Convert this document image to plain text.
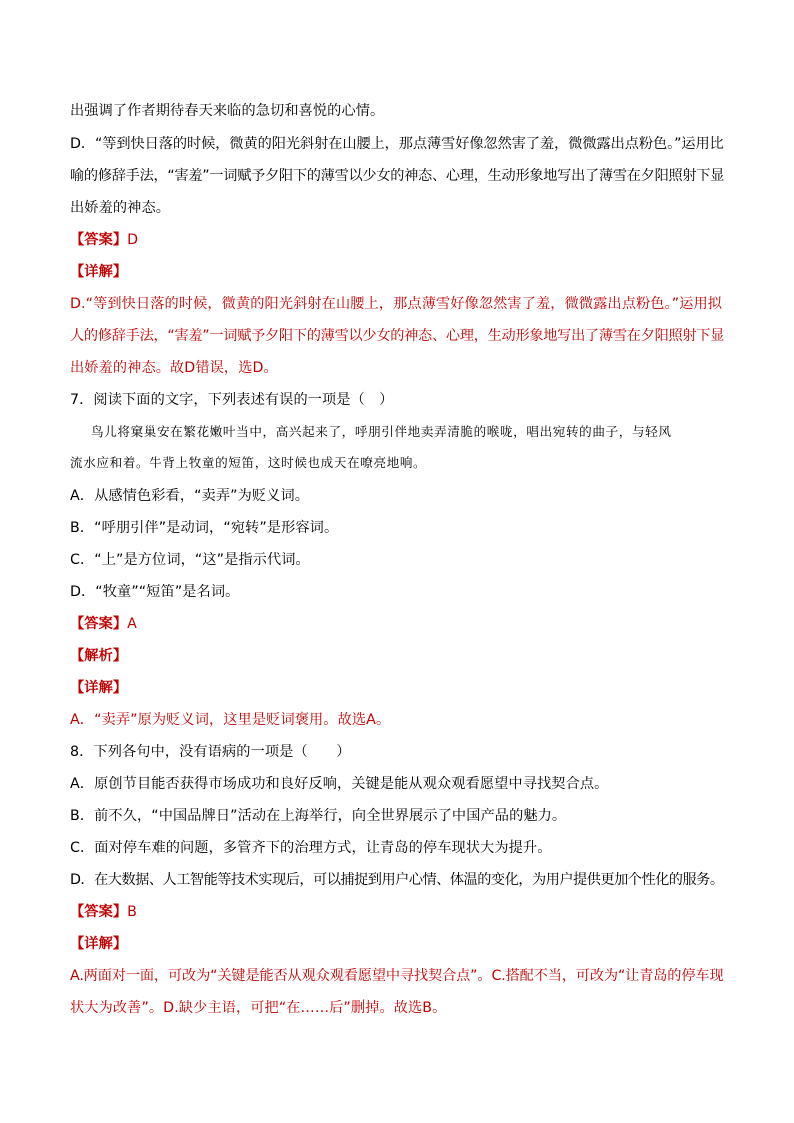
出强调了作者期待春天来临的急切和喜悦的心情。
D．“等到快日落的时候，微黄的阳光斜射在山腰上，那点薄雪好像忽然害了羞，微微露出点粉色。”运用比
喻的修辞手法，“害羞”一词赋予夕阳下的薄雪以少女的神态、心理，生动形象地写出了薄雪在夕阳照射下显
出娇羞的神态。
【答案】D
【详解】
D.“等到快日落的时候，微黄的阳光斜射在山腰上，那点薄雪好像忽然害了羞，微微露出点粉色。”运用拟
人的修辞手法，“害羞”一词赋予夕阳下的薄雪以少女的神态、心理，生动形象地写出了薄雪在夕阳照射下显
出娇羞的神态。故D错误，选D。
7．阅读下面的文字，下列表述有误的一项是（　）
鸟儿将窠巢安在繁花嫩叶当中，高兴起来了，呼朋引伴地卖弄清脆的喉咙，唱出宛转的曲子，与轻风
流水应和着。牛背上牧童的短笛，这时候也成天在嘹亮地响。
A．从感情色彩看，“卖弄”为贬义词。
B．“呼朋引伴”是动词，“宛转”是形容词。
C．“上”是方位词，“这”是指示代词。
D．“牧童”“短笛”是名词。
【答案】A
【解析】
【详解】
A．“卖弄”原为贬义词，这里是贬词褒用。故选A。
8．下列各句中，没有语病的一项是（　　）
A．原创节目能否获得市场成功和良好反响，关键是能从观众观看愿望中寻找契合点。
B．前不久，“中国品牌日”活动在上海举行，向全世界展示了中国产品的魅力。
C．面对停车难的问题，多管齐下的治理方式，让青岛的停车现状大为提升。
D．在大数据、人工智能等技术实现后，可以捕捉到用户心情、体温的变化，为用户提供更加个性化的服务。
【答案】B
【详解】
A.两面对一面，可改为“关键是能否从观众观看愿望中寻找契合点”。C.搭配不当，可改为“让青岛的停车现
状大为改善”。D.缺少主语，可把“在……后”删掉。故选B。
